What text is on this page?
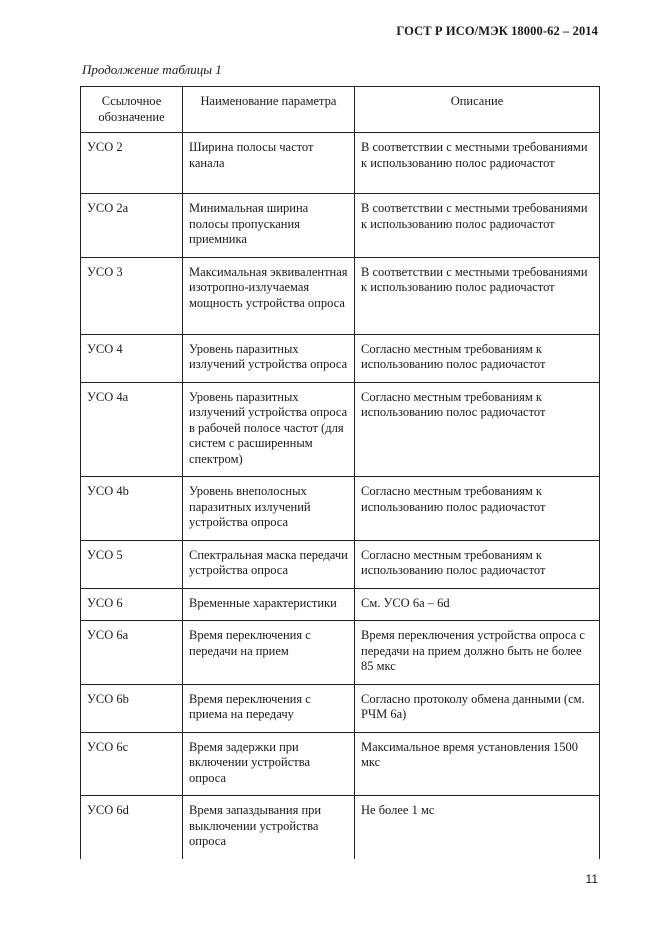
ГОСТ Р ИСО/МЭК 18000-62 – 2014
Продолжение таблицы 1
Ссылочное обозначение	Наименование параметра	Описание
УСО 2	Ширина полосы частот канала	В соответствии с местными требованиями к использованию полос радиочастот
УСО 2а	Минимальная ширина полосы пропускания приемника	В соответствии с местными требованиями к использованию полос радиочастот
УСО 3	Максимальная эквивалентная изотропно-излучаемая мощность устройства опроса	В соответствии с местными требованиями к использованию полос радиочастот
УСО 4	Уровень паразитных излучений устройства опроса	Согласно местным требованиям к использованию полос радиочастот
УСО 4а	Уровень паразитных излучений устройства опроса в рабочей полосе частот (для систем с расширенным спектром)	Согласно местным требованиям к использованию полос радиочастот
УСО 4b	Уровень внеполосных паразитных излучений устройства опроса	Согласно местным требованиям к использованию полос радиочастот
УСО 5	Спектральная маска передачи устройства опроса	Согласно местным требованиям к использованию полос радиочастот
УСО 6	Временные характеристики	См. УСО 6а – 6d
УСО 6а	Время переключения с передачи на прием	Время переключения устройства опроса с передачи на прием должно быть не более 85 мкс
УСО 6b	Время переключения с приема на передачу	Согласно протоколу обмена данными (см. РЧМ 6а)
УСО 6с	Время задержки при включении устройства опроса	Максимальное время установления 1500 мкс
УСО 6d	Время запаздывания при выключении устройства опроса	Не более 1 мс
11
